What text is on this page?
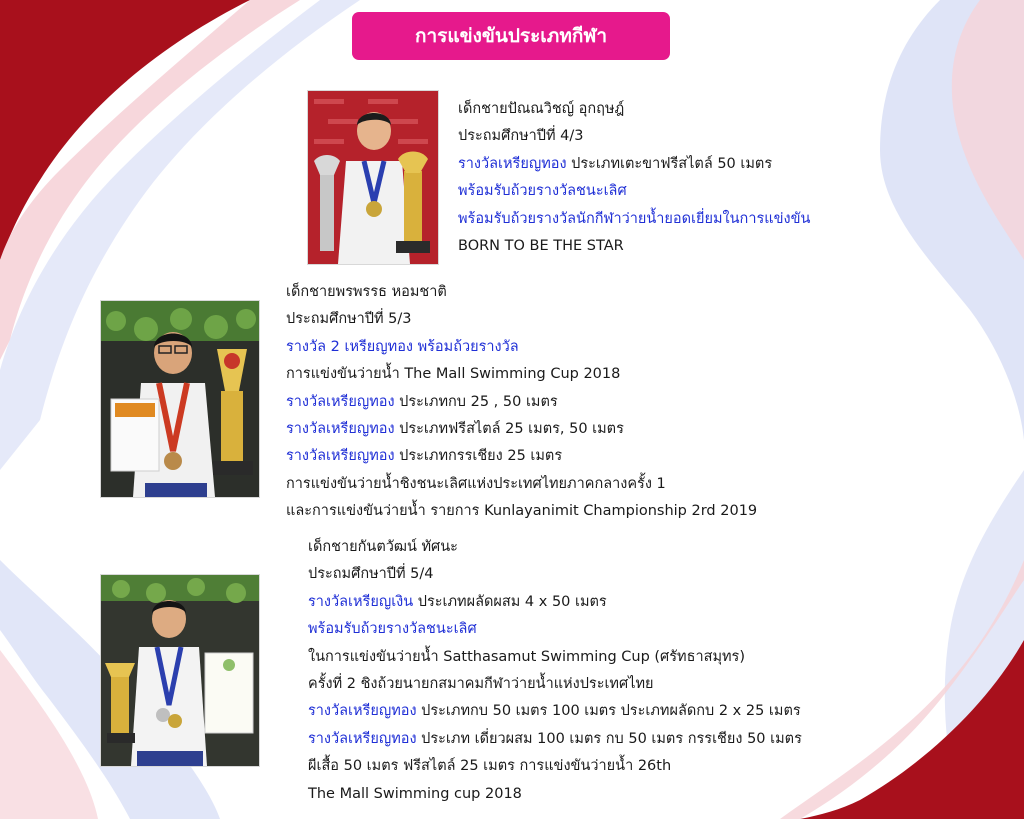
การแข่งขันประเภทกีฬา
เด็กชายปัณณวิชญ์ อุกฤษฎ์
ประถมศึกษาปีที่ 4/3
รางวัลเหรียญทอง ประเภทเตะขาฟรีสไตล์ 50 เมตร
พร้อมรับถ้วยรางวัลชนะเลิศ
พร้อมรับถ้วยรางวัลนักกีฬาว่ายน้ำยอดเยี่ยมในการแข่งขัน
BORN TO BE THE STAR
เด็กชายพรพรรธ หอมชาติ
ประถมศึกษาปีที่ 5/3
รางวัล 2 เหรียญทอง พร้อมถ้วยรางวัล
การแข่งขันว่ายน้ำ The Mall Swimming Cup 2018
รางวัลเหรียญทอง ประเภทกบ 25 , 50 เมตร
รางวัลเหรียญทอง ประเภทฟรีสไตล์ 25 เมตร, 50 เมตร
รางวัลเหรียญทอง ประเภทกรรเชียง 25 เมตร
การแข่งขันว่ายน้ำชิงชนะเลิศแห่งประเทศไทยภาคกลางครั้ง 1
และการแข่งขันว่ายน้ำ รายการ Kunlayanimit Championship 2rd 2019
เด็กชายกันตวัฒน์ ทัศนะ
ประถมศึกษาปีที่ 5/4
รางวัลเหรียญเงิน ประเภทผลัดผสม 4 x 50 เมตร
พร้อมรับถ้วยรางวัลชนะเลิศ
ในการแข่งขันว่ายน้ำ Satthasamut Swimming Cup (ศรัทธาสมุทร)
ครั้งที่ 2 ชิงถ้วยนายกสมาคมกีฬาว่ายน้ำแห่งประเทศไทย
รางวัลเหรียญทอง ประเภทกบ 50 เมตร 100 เมตร ประเภทผลัดกบ 2 x 25 เมตร
รางวัลเหรียญทอง ประเภท เดี่ยวผสม 100 เมตร กบ 50 เมตร กรรเชียง 50 เมตร
ผีเสื้อ 50 เมตร ฟรีสไตล์ 25 เมตร การแข่งขันว่ายน้ำ 26th
The Mall Swimming cup 2018
